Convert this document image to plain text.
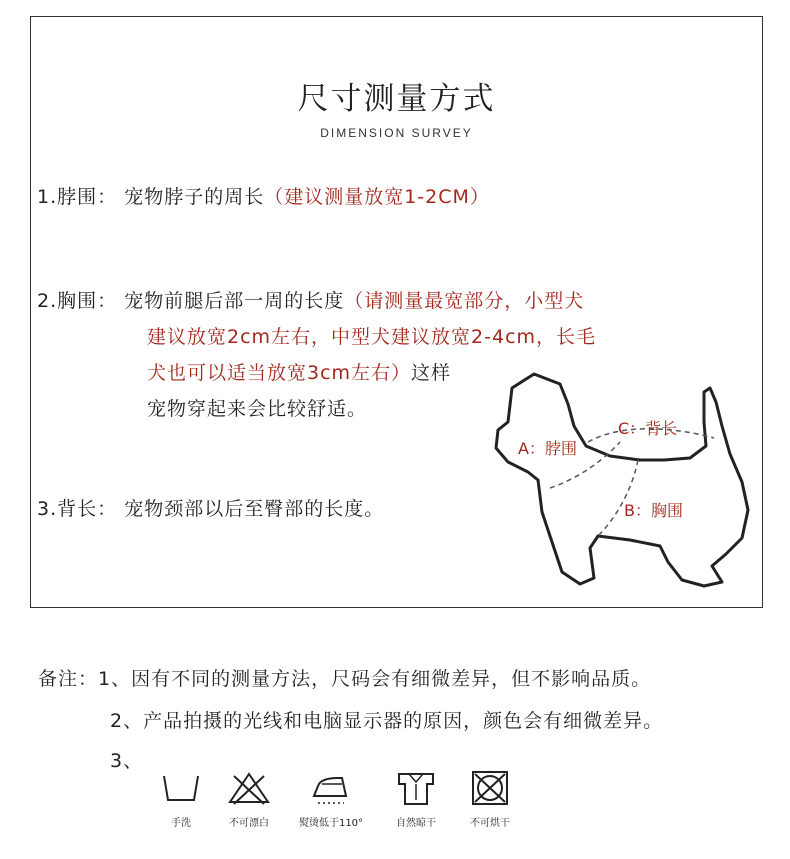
尺寸测量方式
DIMENSION SURVEY
1.脖围： 宠物脖子的周长（建议测量放宽1-2CM）
2.胸围： 宠物前腿后部一周的长度（请测量最宽部分，小型犬
建议放宽2cm左右，中型犬建议放宽2-4cm，长毛
犬也可以适当放宽3cm左右）这样
宠物穿起来会比较舒适。
3.背长： 宠物颈部以后至臀部的长度。
A：脖围
C：背长
B：胸围
备注：1、因有不同的测量方法，尺码会有细微差异，但不影响品质。
2、产品拍摄的光线和电脑显示器的原因，颜色会有细微差异。
3、
手洗	不可漂白	熨烫低于110°	自然晾干	不可烘干
